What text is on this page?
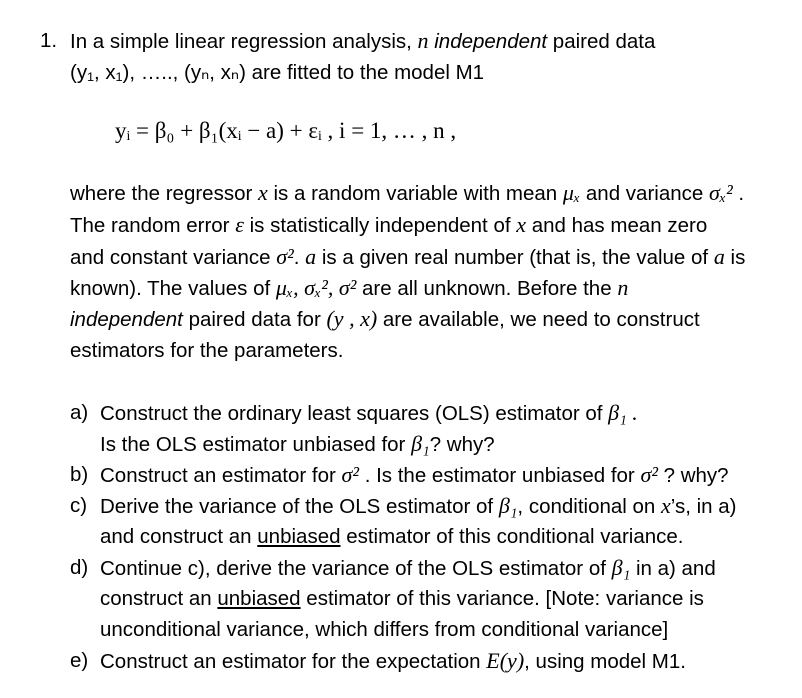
1. In a simple linear regression analysis, n independent paired data
(y₁, x₁), ….., (yₙ, xₙ) are fitted to the model M1
yᵢ = β₀ + β₁(xᵢ − a) + εᵢ , i = 1, … , n ,
where the regressor x is a random variable with mean μₓ and variance σₓ² .
The random error ε is statistically independent of x and has mean zero
and constant variance σ². a is a given real number (that is, the value of a is
known). The values of μₓ, σₓ², σ² are all unknown. Before the n
independent paired data for (y , x) are available, we need to construct
estimators for the parameters.
a) Construct the ordinary least squares (OLS) estimator of β₁ .
Is the OLS estimator unbiased for β₁? why?
b) Construct an estimator for σ² . Is the estimator unbiased for σ² ? why?
c) Derive the variance of the OLS estimator of β₁, conditional on x’s, in a)
and construct an unbiased estimator of this conditional variance.
d) Continue c), derive the variance of the OLS estimator of β₁ in a) and
construct an unbiased estimator of this variance. [Note: variance is
unconditional variance, which differs from conditional variance]
e) Construct an estimator for the expectation E(y), using model M1.
